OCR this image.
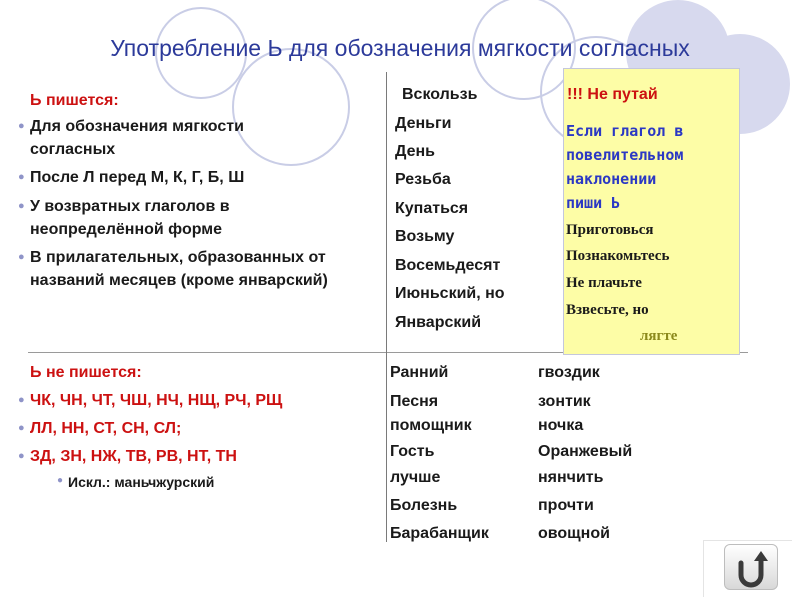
Употребление Ь для обозначения мягкости согласных
Ь пишется:
● Для обозначения мягкости согласных
● После Л перед М, К, Г, Б, Ш
● У возвратных глаголов в неопределённой форме
● В прилагательных, образованных от названий месяцев (кроме январский)
Вскользь
Деньги
День
Резьба
Купаться
Возьму
Восемьдесят
Июньский, но
Январский
!!! Не путай
Если глагол в
повелительном
наклонении
пиши Ь
Приготовься
Познакомьтесь
Не плачьте
Взвесьте, но
лягте
Ь не пишется:
● ЧК, ЧН, ЧТ, ЧШ, НЧ, НЩ, РЧ, РЩ
● ЛЛ, НН, СТ, СН, СЛ;
● ЗД, ЗН, НЖ, ТВ, РВ, НТ, ТН
● Искл.: маньчжурский
Ранний
Песня
помощник
Гость
лучше
Болезнь
Барабанщик
гвоздик
зонтик
ночка
Оранжевый
нянчить
прочти
овощной
